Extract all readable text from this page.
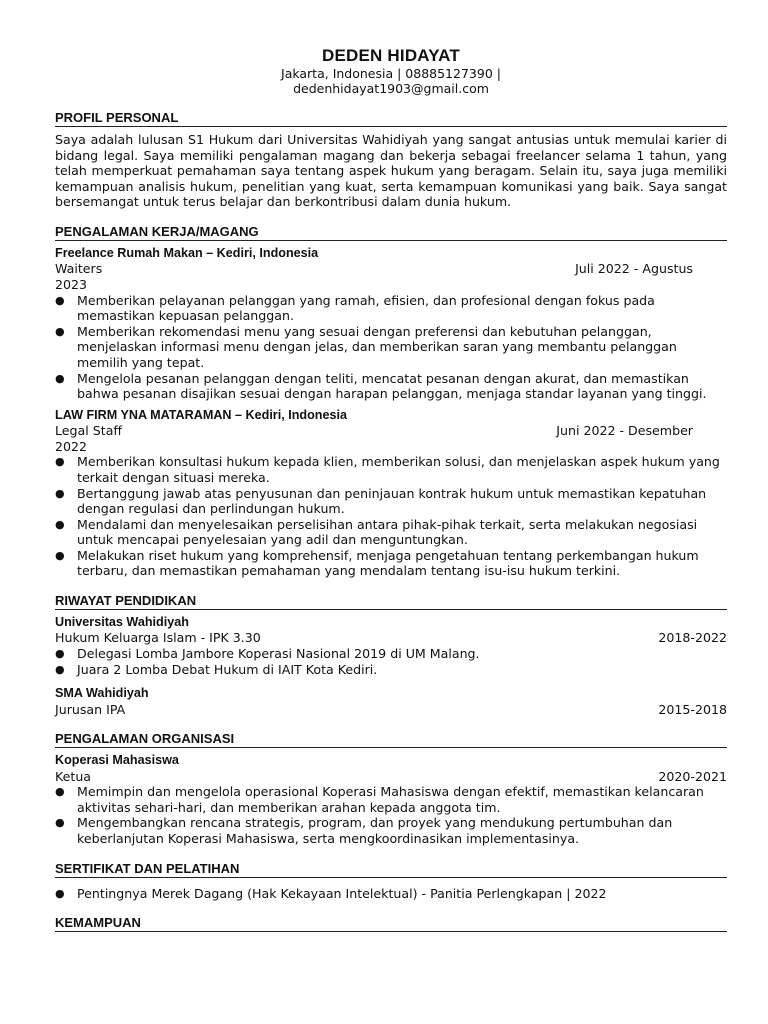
DEDEN HIDAYAT
Jakarta, Indonesia | 08885127390 |
dedenhidayat1903@gmail.com
PROFIL PERSONAL

Saya adalah lulusan S1 Hukum dari Universitas Wahidiyah yang sangat antusias untuk memulai karier di bidang legal. Saya memiliki pengalaman magang dan bekerja sebagai freelancer selama 1 tahun, yang telah memperkuat pemahaman saya tentang aspek hukum yang beragam. Selain itu, saya juga memiliki kemampuan analisis hukum, penelitian yang kuat, serta kemampuan komunikasi yang baik. Saya sangat bersemangat untuk terus belajar dan berkontribusi dalam dunia hukum.

PENGALAMAN KERJA/MAGANG
Freelance Rumah Makan – Kediri, Indonesia
Waiters	Juli 2022 - Agustus
2023
● Memberikan pelayanan pelanggan yang ramah, efisien, dan profesional dengan fokus pada memastikan kepuasan pelanggan.
● Memberikan rekomendasi menu yang sesuai dengan preferensi dan kebutuhan pelanggan, menjelaskan informasi menu dengan jelas, dan memberikan saran yang membantu pelanggan memilih yang tepat.
● Mengelola pesanan pelanggan dengan teliti, mencatat pesanan dengan akurat, dan memastikan bahwa pesanan disajikan sesuai dengan harapan pelanggan, menjaga standar layanan yang tinggi.
LAW FIRM YNA MATARAMAN – Kediri, Indonesia
Legal Staff	Juni 2022 - Desember
2022
● Memberikan konsultasi hukum kepada klien, memberikan solusi, dan menjelaskan aspek hukum yang terkait dengan situasi mereka.
● Bertanggung jawab atas penyusunan dan peninjauan kontrak hukum untuk memastikan kepatuhan dengan regulasi dan perlindungan hukum.
● Mendalami dan menyelesaikan perselisihan antara pihak-pihak terkait, serta melakukan negosiasi untuk mencapai penyelesaian yang adil dan menguntungkan.
● Melakukan riset hukum yang komprehensif, menjaga pengetahuan tentang perkembangan hukum terbaru, dan memastikan pemahaman yang mendalam tentang isu-isu hukum terkini.
RIWAYAT PENDIDIKAN
Universitas Wahidiyah
Hukum Keluarga Islam - IPK 3.30	2018-2022
● Delegasi Lomba Jambore Koperasi Nasional 2019 di UM Malang.
● Juara 2 Lomba Debat Hukum di IAIT Kota Kediri.
SMA Wahidiyah
Jurusan IPA	2015-2018
PENGALAMAN ORGANISASI
Koperasi Mahasiswa
Ketua	2020-2021
● Memimpin dan mengelola operasional Koperasi Mahasiswa dengan efektif, memastikan kelancaran aktivitas sehari-hari, dan memberikan arahan kepada anggota tim.
● Mengembangkan rencana strategis, program, dan proyek yang mendukung pertumbuhan dan keberlanjutan Koperasi Mahasiswa, serta mengkoordinasikan implementasinya.
SERTIFIKAT DAN PELATIHAN
● Pentingnya Merek Dagang (Hak Kekayaan Intelektual) - Panitia Perlengkapan | 2022
KEMAMPUAN
